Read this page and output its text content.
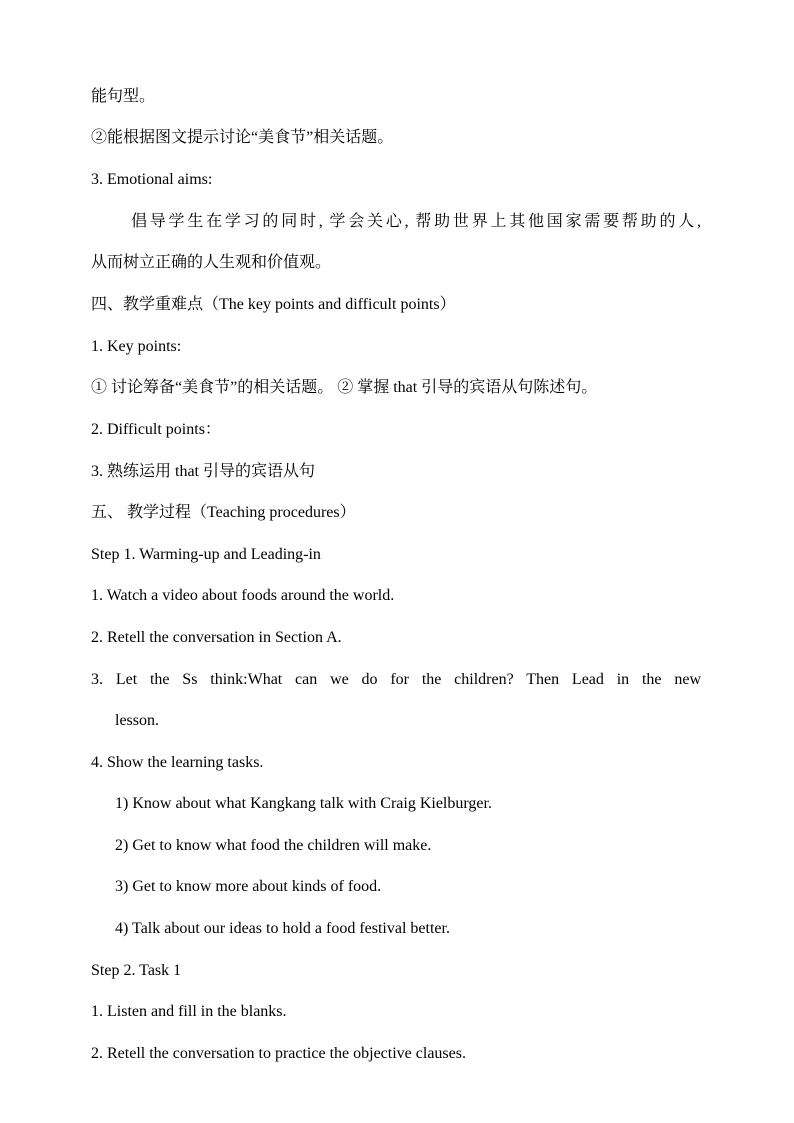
能句型。
②能根据图文提示讨论“美食节”相关话题。
3. Emotional aims:
倡导学生在学习的同时, 学会关心, 帮助世界上其他国家需要帮助的人,
从而树立正确的人生观和价值观。
四、教学重难点（The key points and difficult points）
1. Key points:
① 讨论筹备“美食节”的相关话题。 ② 掌握 that 引导的宾语从句陈述句。
2. Difficult points：
3. 熟练运用 that 引导的宾语从句
五、 教学过程（Teaching procedures）
Step 1. Warming-up and Leading-in
1. Watch a video about foods around the world.
2. Retell the conversation in Section A.
3. Let the Ss think:What can we do for the children? Then Lead in the new
lesson.
4. Show the learning tasks.
1) Know about what Kangkang talk with Craig Kielburger.
2) Get to know what food the children will make.
3) Get to know more about kinds of food.
4) Talk about our ideas to hold a food festival better.
Step 2. Task 1
1. Listen and fill in the blanks.
2. Retell the conversation to practice the objective clauses.
